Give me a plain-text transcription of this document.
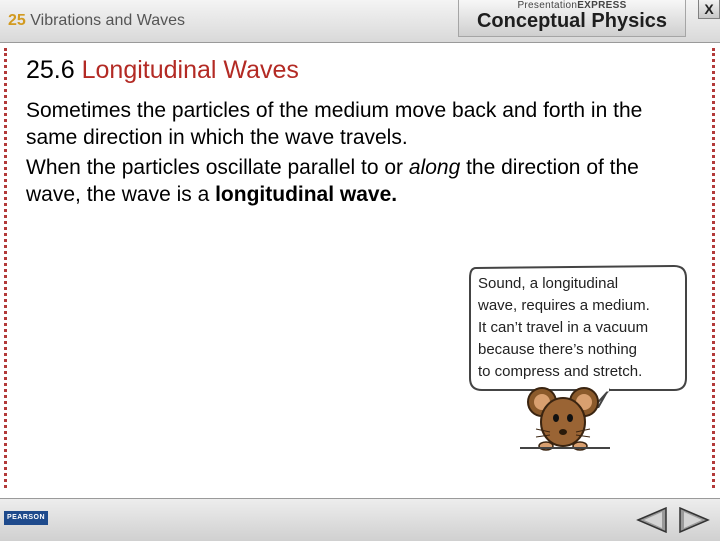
25 Vibrations and Waves
PresentationEXPRESS
Conceptual Physics
X
25.6 Longitudinal Waves

Sometimes the particles of the medium move back and forth in the same direction in which the wave travels.

When the particles oscillate parallel to or along the direction of the wave, the wave is a longitudinal wave.

Sound, a longitudinal
wave, requires a medium.
It can’t travel in a vacuum
because there’s nothing
to compress and stretch.
PEARSON
